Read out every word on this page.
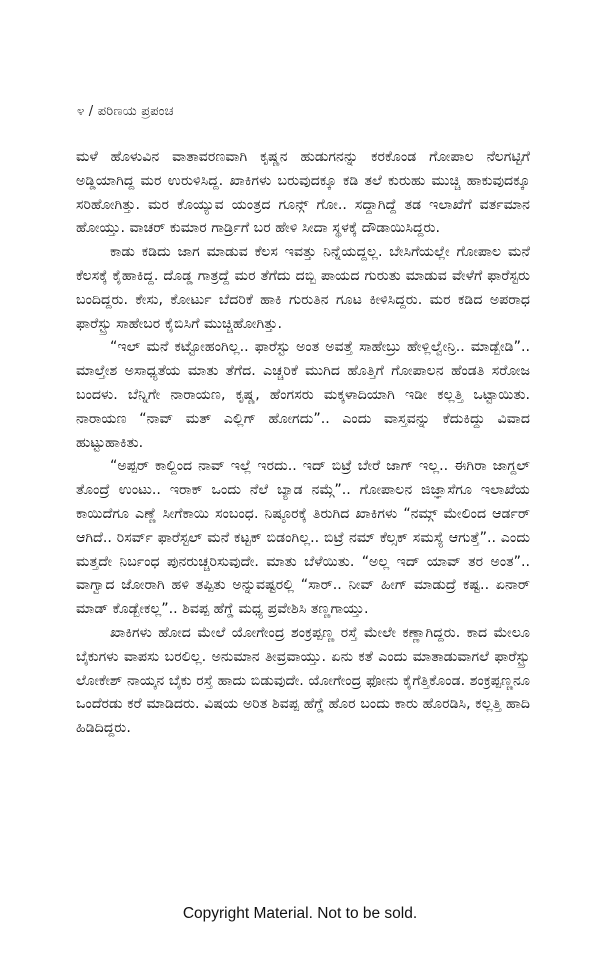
೪ / ಪರಿಣಯ ಪ್ರಪಂಚ

ಮಳೆ ಹೊಳುವಿನ ವಾತಾವರಣವಾಗಿ ಕೃಷ್ಣನ ಹುಡುಗನನ್ನು ಕರಕೊಂಡ ಗೋಪಾಲ ನೆಲಗಟ್ಟಿಗೆ ಅಡ್ಡಿಯಾಗಿದ್ದ ಮರ ಉರುಳಿಸಿದ್ದ. ಖಾಕಿಗಳು ಬರುವುದಕ್ಕೂ ಕಡಿ ತಲೆ ಕುರುಹು ಮುಚ್ಚಿ ಹಾಕುವುದಕ್ಕೂ ಸರಿಹೋಗಿತ್ತು. ಮರ ಕೊಯ್ಯುವ ಯಂತ್ರದ ಗೂನ್ಗ್ ಗೋ.. ಸದ್ದಾಗಿದ್ದೆ ತಡ ಇಲಾಖೆಗೆ ವರ್ತಮಾನ ಹೋಯ್ತು. ವಾಚರ್ ಕುಮಾರ ಗಾರ್ಡ್ರಿಗೆ ಬರ ಹೇಳಿ ಸೀದಾ ಸ್ಥಳಕ್ಕೆ ದೌಡಾಯಿಸಿದ್ದರು.

ಕಾಡು ಕಡಿದು ಜಾಗ ಮಾಡುವ ಕೆಲಸ ಇವತ್ತು ನಿನ್ನೆಯದ್ದಲ್ಲ. ಬೇಸಿಗೆಯಲ್ಲೇ ಗೋಪಾಲ ಮನೆ ಕೆಲಸಕ್ಕೆ ಕೈಹಾಕಿದ್ದ. ದೊಡ್ಡ ಗಾತ್ರದ್ದೆ ಮರ ತೆಗೆದು ದಬ್ಬಿ ಪಾಯದ ಗುರುತು ಮಾಡುವ ವೇಳೆಗೆ ಫಾರೆಸ್ಟರು ಬಂದಿದ್ದರು. ಕೇಸು, ಕೋರ್ಟು ಬೆದರಿಕೆ ಹಾಕಿ ಗುರುತಿನ ಗೂಟ ಕೀಳಿಸಿದ್ದರು. ಮರ ಕಡಿದ ಅಪರಾಧ ಫಾರೆಸ್ಟ್ರು ಸಾಹೇಬರ ಕೈಬಿಸಿಗೆ ಮುಚ್ಚಿಹೋಗಿತ್ತು.

“ಇಲ್ ಮನೆ ಕಟ್ಟೋಹಂಗಿಲ್ಲ.. ಫಾರೆಸ್ಟು ಅಂತ ಅವತ್ತೆ ಸಾಹೇಬ್ರು ಹೇಳ್ಲಿಲ್ವೇನ್ರಿ.. ಮಾಡ್ಬೇಡಿ”.. ಮಾಲ್ತೇಶ ಅಸಾಧ್ಯತೆಯ ಮಾತು ತೆಗೆದ. ಎಚ್ಚರಿಕೆ ಮುಗಿದ ಹೊತ್ತಿಗೆ ಗೋಪಾಲನ ಹೆಂಡತಿ ಸರೋಜ ಬಂದಳು. ಬೆನ್ನಿಗೇ ನಾರಾಯಣ, ಕೃಷ್ಣ, ಹೆಂಗಸರು ಮಕ್ಕಳಾದಿಯಾಗಿ ಇಡೀ ಕಲ್ಲತ್ತಿ ಒಟ್ಟಾಯಿತು. ನಾರಾಯಣ “ನಾವ್ ಮತ್ ಎಲ್ಲಿಗ್ ಹೋಗದು”.. ಎಂದು ವಾಸ್ತವನ್ನು ಕೆದುಕಿದ್ದು ವಿವಾದ ಹುಟ್ಟುಹಾಕಿತು.

“ಅಪ್ಪರ್ ಕಾಲ್ದಿಂದ ನಾವ್ ಇಲ್ಲೆ ಇರದು.. ಇದ್ ಬಿಟ್ರೆ ಬೇರೆ ಜಾಗ್ ಇಲ್ಲ.. ಈಗಿರಾ ಜಾಗ್ದಲ್ ತೊಂದ್ರೆ ಉಂಟು.. ಇರಾಕ್ ಒಂದು ನೆಲೆ ಬ್ಯಾಡ ನಮ್ಗೆ”.. ಗೋಪಾಲನ ಜಿಜ್ಞಾಸೆಗೂ ಇಲಾಖೆಯ ಕಾಯಿದೆಗೂ ಎಣ್ಣೆ ಸೀಗೆಕಾಯಿ ಸಂಬಂಧ. ನಿಷ್ಠೂರಕ್ಕೆ ತಿರುಗಿದ ಖಾಕಿಗಳು “ನಮ್ಗ್ ಮೇಲಿಂದ ಆರ್ಡರ್ ಆಗಿದೆ.. ರಿಸರ್ವ್ ಫಾರೆಸ್ಟಲ್ ಮನೆ ಕಟ್ಟಕ್ ಬಿಡಂಗಿಲ್ಲ.. ಬಿಟ್ರೆ ನಮ್ ಕೆಲ್ಸಕ್ ಸಮಸ್ಯೆ ಆಗುತ್ತೆ”.. ಎಂದು ಮತ್ತದೇ ನಿರ್ಬಂಧ ಪುನರುಚ್ಚರಿಸುವುದೇ. ಮಾತು ಬೆಳೆಯಿತು. “ಅಲ್ಲ ಇದ್ ಯಾವ್ ತರ ಅಂತ”.. ವಾಗ್ವಾದ ಜೋರಾಗಿ ಹಳಿ ತಪ್ಪಿತು ಅನ್ನುವಷ್ಟರಲ್ಲಿ “ಸಾರ್.. ನೀವ್ ಹೀಗ್ ಮಾಡುದ್ರೆ ಕಷ್ಟ.. ಏನಾರ್ ಮಾಡ್ ಕೊಡ್ಬೇಕಲ್ಲ”.. ಶಿವಪ್ಪ ಹೆಗ್ಡೆ ಮಧ್ಯ ಪ್ರವೇಶಿಸಿ ತಣ್ಣಗಾಯ್ತು.

ಖಾಕಿಗಳು ಹೋದ ಮೇಲೆ ಯೋಗೇಂದ್ರ ಶಂಕ್ರಪ್ಪಣ್ಣ ರಸ್ತೆ ಮೇಲೇ ಕಣ್ಣಾಗಿದ್ದರು. ಕಾದ ಮೇಲೂ ಬೈಕುಗಳು ವಾಪಸು ಬರಲಿಲ್ಲ. ಅನುಮಾನ ತೀವ್ರವಾಯ್ತು. ಏನು ಕತೆ ಎಂದು ಮಾತಾಡುವಾಗಲೆ ಫಾರೆಸ್ಟ್ರು ಲೋಕೇಶ್ ನಾಯ್ಕನ ಬೈಕು ರಸ್ತೆ ಹಾದು ಬಿಡುವುದೇ. ಯೋಗೇಂದ್ರ ಫೋನು ಕೈಗೆತ್ತಿಕೊಂಡ. ಶಂಕ್ರಪ್ಪಣ್ಣನೂ ಒಂದೆರಡು ಕರೆ ಮಾಡಿದರು. ವಿಷಯ ಅರಿತ ಶಿವಪ್ಪ ಹೆಗ್ಡೆ ಹೊರ ಬಂದು ಕಾರು ಹೊರಡಿಸಿ, ಕಲ್ಲತ್ತಿ ಹಾದಿ ಹಿಡಿದಿದ್ದರು.

Copyright Material. Not to be sold.
